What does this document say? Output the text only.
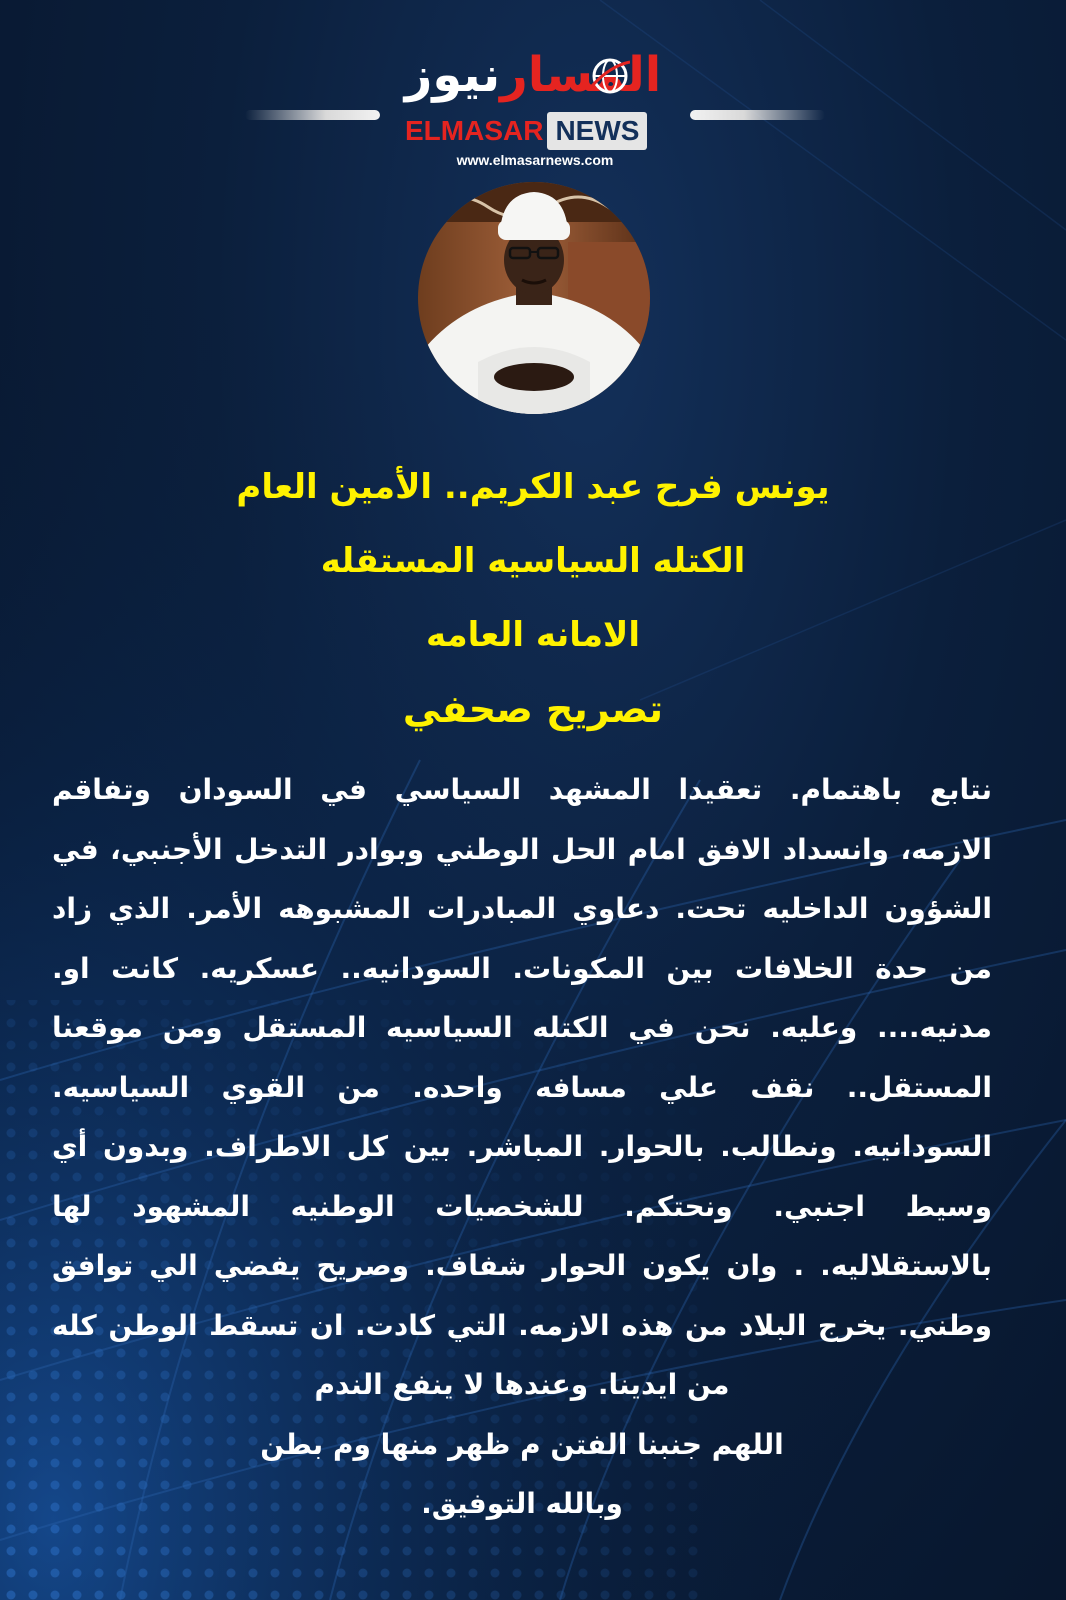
المسارنيوز
ELMASAR NEWS
www.elmasarnews.com
يونس فرح عبد الكريم.. الأمين العام
الكتله السياسيه المستقله
الامانه العامه
تصريح صحفي
نتابع باهتمام. تعقيدا المشهد السياسي في السودان وتفاقم
الازمه، وانسداد الافق امام الحل الوطني وبوادر التدخل الأجنبي، في
الشؤون الداخليه تحت. دعاوي المبادرات المشبوهه الأمر. الذي زاد
من حدة الخلافات بين المكونات. السودانيه.. عسكريه. كانت او.
مدنيه.... وعليه. نحن في الكتله السياسيه المستقل ومن موقعنا
المستقل.. نقف علي مسافه واحده. من القوي السياسيه.
السودانيه. ونطالب. بالحوار. المباشر. بين كل الاطراف. وبدون أي
وسيط اجنبي. ونحتكم. للشخصيات الوطنيه المشهود لها
بالاستقلاليه. . وان يكون الحوار شفاف. وصريح يفضي الي توافق
وطني. يخرج البلاد من هذه الازمه. التي كادت. ان تسقط الوطن كله
من ايدينا. وعندها لا ينفع الندم
اللهم جنبنا الفتن م ظهر منها وم بطن
وبالله التوفيق.
